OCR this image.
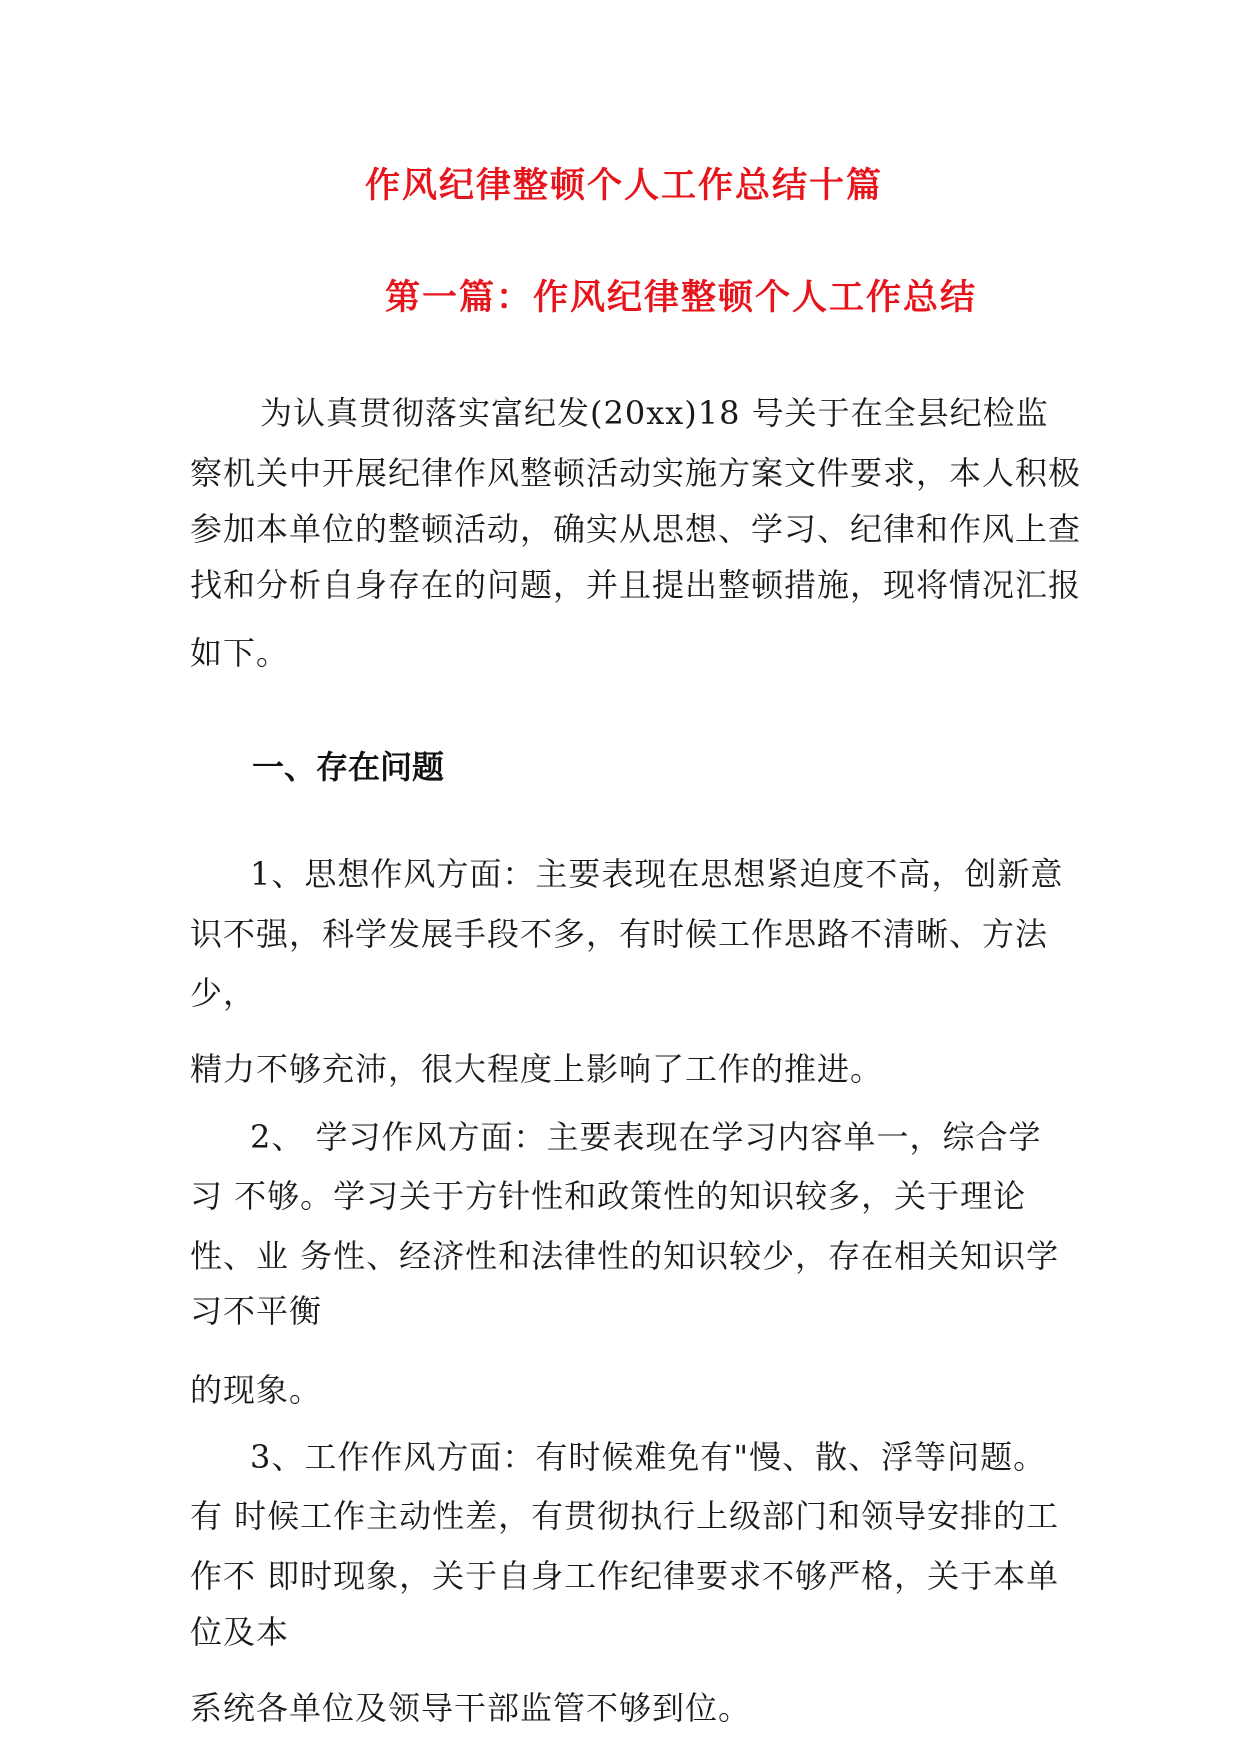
作风纪律整顿个人工作总结十篇
第一篇：作风纪律整顿个人工作总结
为认真贯彻落实富纪发(20xx)18 号关于在全县纪检监
察机关中开展纪律作风整顿活动实施方案文件要求，本人积极
参加本单位的整顿活动，确实从思想、学习、纪律和作风上查
找和分析自身存在的问题，并且提出整顿措施，现将情况汇报
如下。
一、存在问题
1、思想作风方面：主要表现在思想紧迫度不高，创新意
识不强，科学发展手段不多，有时候工作思路不清晰、方法
少，
精力不够充沛，很大程度上影响了工作的推进。
2、 学习作风方面：主要表现在学习内容单一，综合学
习 不够。学习关于方针性和政策性的知识较多，关于理论
性、业 务性、经济性和法律性的知识较少，存在相关知识学
习不平衡
的现象。
3、工作作风方面：有时候难免有"慢、散、浮等问题。
有 时候工作主动性差，有贯彻执行上级部门和领导安排的工
作不 即时现象，关于自身工作纪律要求不够严格，关于本单
位及本
系统各单位及领导干部监管不够到位。
